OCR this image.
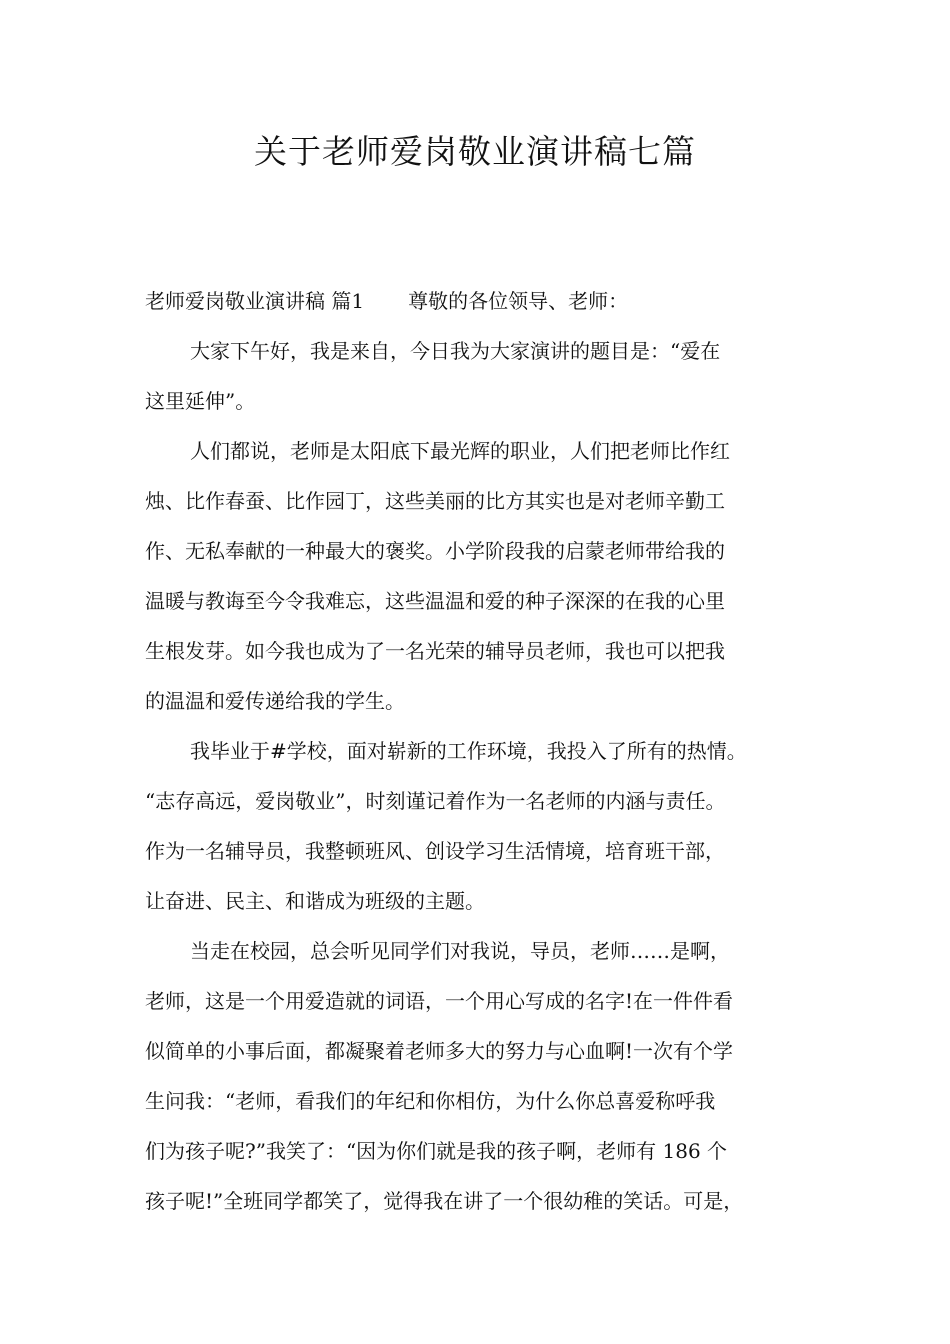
关于老师爱岗敬业演讲稿七篇
老师爱岗敬业演讲稿 篇1 尊敬的各位领导、老师：
大家下午好，我是来自，今日我为大家演讲的题目是：“爱在
这里延伸”。
人们都说，老师是太阳底下最光辉的职业，人们把老师比作红
烛、比作春蚕、比作园丁，这些美丽的比方其实也是对老师辛勤工
作、无私奉献的一种最大的褒奖。小学阶段我的启蒙老师带给我的
温暖与教诲至今令我难忘，这些温温和爱的种子深深的在我的心里
生根发芽。如今我也成为了一名光荣的辅导员老师，我也可以把我
的温温和爱传递给我的学生。
我毕业于#学校，面对崭新的工作环境，我投入了所有的热情。
“志存高远，爱岗敬业”，时刻谨记着作为一名老师的内涵与责任。
作为一名辅导员，我整顿班风、创设学习生活情境，培育班干部，
让奋进、民主、和谐成为班级的主题。
当走在校园，总会听见同学们对我说，导员，老师……是啊，
老师，这是一个用爱造就的词语，一个用心写成的名字!在一件件看
似简单的小事后面，都凝聚着老师多大的努力与心血啊!一次有个学
生问我：“老师，看我们的年纪和你相仿，为什么你总喜爱称呼我
们为孩子呢?”我笑了：“因为你们就是我的孩子啊，老师有 186 个
孩子呢!”全班同学都笑了，觉得我在讲了一个很幼稚的笑话。可是，
